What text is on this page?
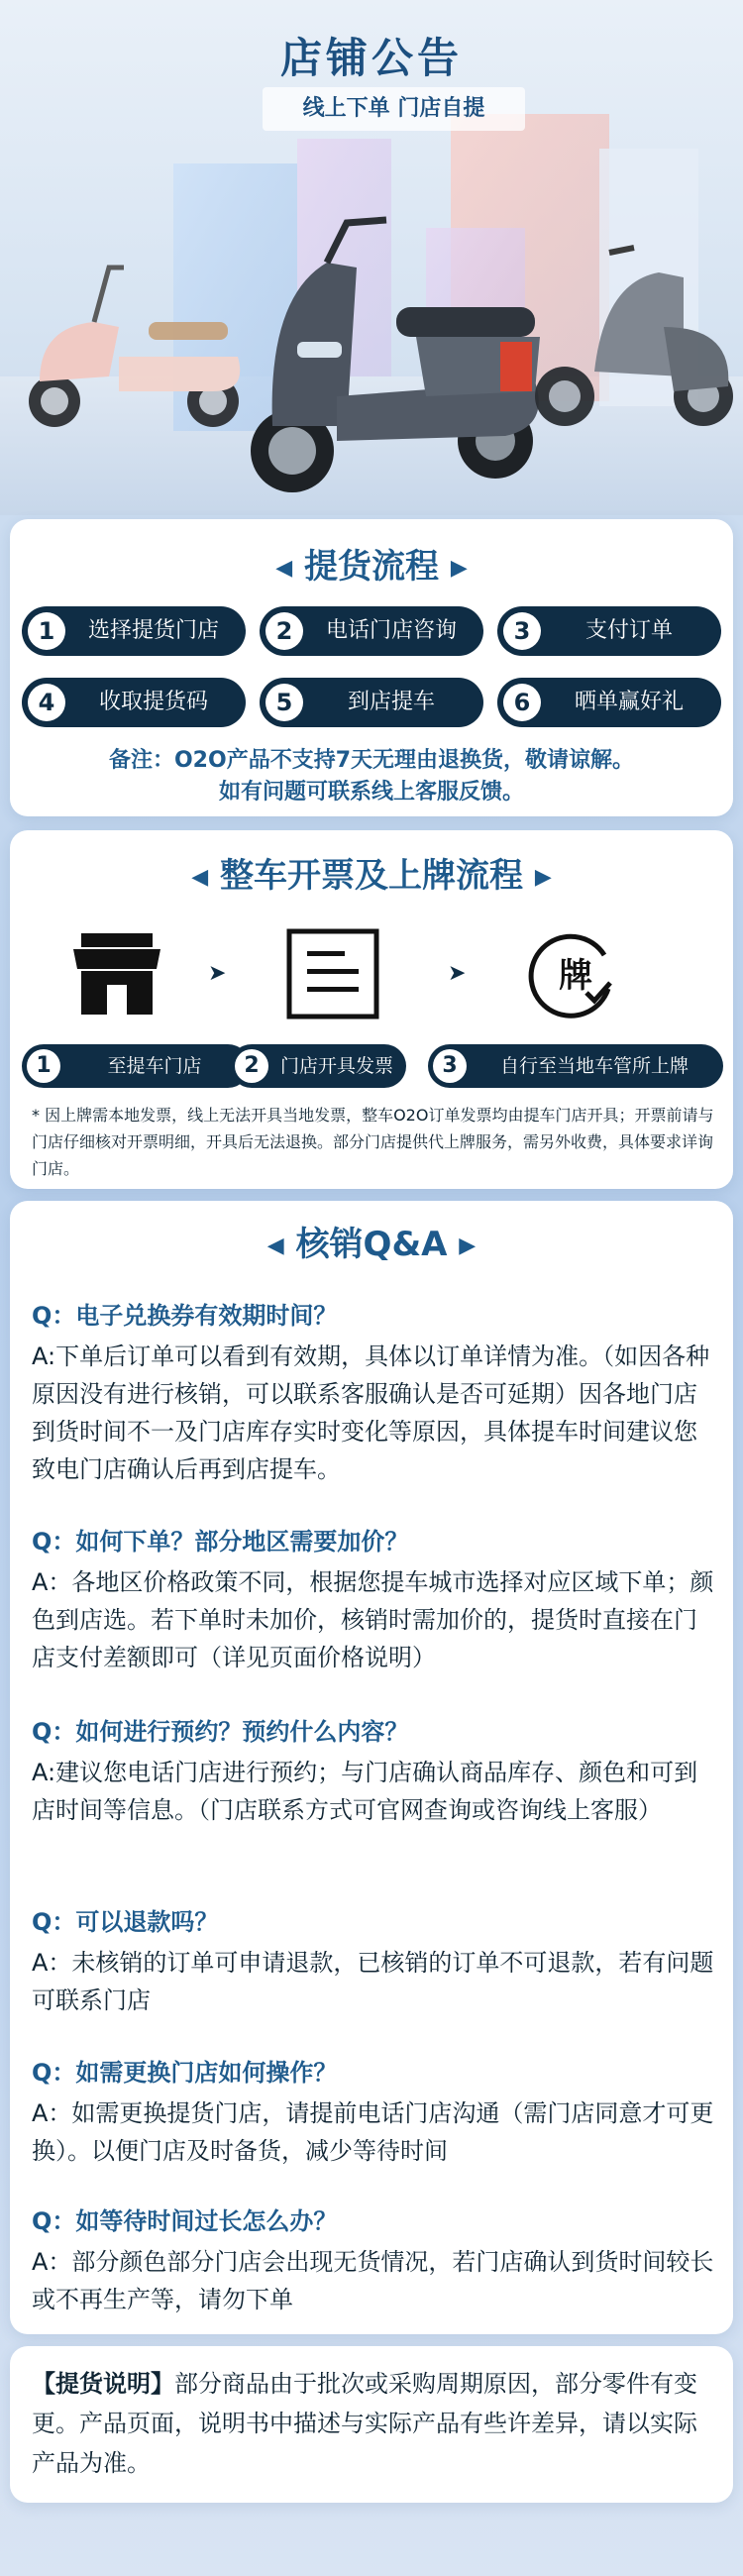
店铺公告
线上下单 门店自提
◀ 提货流程 ▶
1	选择提货门店	2	电话门店咨询	3	支付订单
4	收取提货码	5	到店提车	6	晒单赢好礼
备注：O2O产品不支持7天无理由退换货，敬请谅解。
如有问题可联系线上客服反馈。
◀ 整车开票及上牌流程 ▶
➤	➤	牌
1	至提车门店	2	门店开具发票	3	自行至当地车管所上牌
* 因上牌需本地发票，线上无法开具当地发票，整车O2O订单发票均由提车门店开具；开票前请与门店仔细核对开票明细，开具后无法退换。部分门店提供代上牌服务，需另外收费，具体要求详询门店。
◀ 核销Q&A ▶
Q：电子兑换券有效期时间？
A:下单后订单可以看到有效期，具体以订单详情为准。（如因各种原因没有进行核销，可以联系客服确认是否可延期）因各地门店到货时间不一及门店库存实时变化等原因，具体提车时间建议您致电门店确认后再到店提车。
Q：如何下单？部分地区需要加价？
A：各地区价格政策不同，根据您提车城市选择对应区域下单；颜色到店选。若下单时未加价，核销时需加价的，提货时直接在门店支付差额即可（详见页面价格说明）
Q：如何进行预约？预约什么内容？
A:建议您电话门店进行预约；与门店确认商品库存、颜色和可到店时间等信息。（门店联系方式可官网查询或咨询线上客服）
Q：可以退款吗？
A：未核销的订单可申请退款，已核销的订单不可退款，若有问题可联系门店
Q：如需更换门店如何操作？
A：如需更换提货门店，请提前电话门店沟通（需门店同意才可更换）。以便门店及时备货，减少等待时间
Q：如等待时间过长怎么办？
A：部分颜色部分门店会出现无货情况，若门店确认到货时间较长或不再生产等，请勿下单
【提货说明】部分商品由于批次或采购周期原因，部分零件有变更。产品页面，说明书中描述与实际产品有些许差异，请以实际产品为准。
